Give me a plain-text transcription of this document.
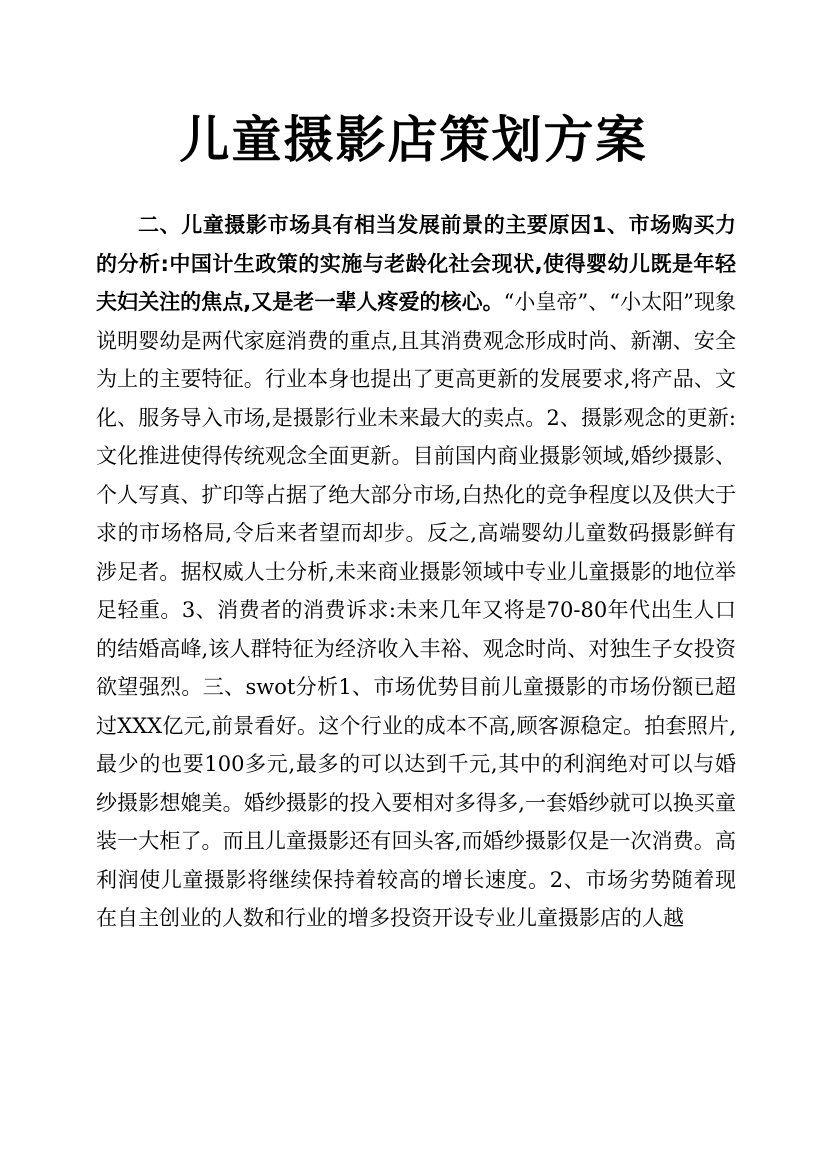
儿童摄影店策划方案

二、儿童摄影市场具有相当发展前景的主要原因1、市场购买力的分析:中国计生政策的实施与老龄化社会现状,使得婴幼儿既是年轻夫妇关注的焦点,又是老一辈人疼爱的核心。“小皇帝”、“小太阳”现象说明婴幼是两代家庭消费的重点,且其消费观念形成时尚、新潮、安全为上的主要特征。行业本身也提出了更高更新的发展要求,将产品、文化、服务导入市场,是摄影行业未来最大的卖点。2、摄影观念的更新:文化推进使得传统观念全面更新。目前国内商业摄影领域,婚纱摄影、个人写真、扩印等占据了绝大部分市场,白热化的竞争程度以及供大于求的市场格局,令后来者望而却步。反之,高端婴幼儿童数码摄影鲜有涉足者。据权威人士分析,未来商业摄影领域中专业儿童摄影的地位举足轻重。3、消费者的消费诉求:未来几年又将是70-80年代出生人口的结婚高峰,该人群特征为经济收入丰裕、观念时尚、对独生子女投资欲望强烈。三、swot分析1、市场优势目前儿童摄影的市场份额已超过XXX亿元,前景看好。这个行业的成本不高,顾客源稳定。拍套照片,最少的也要100多元,最多的可以达到千元,其中的利润绝对可以与婚纱摄影想媲美。婚纱摄影的投入要相对多得多,一套婚纱就可以换买童装一大柜了。而且儿童摄影还有回头客,而婚纱摄影仅是一次消费。高利润使儿童摄影将继续保持着较高的增长速度。2、市场劣势随着现在自主创业的人数和行业的增多投资开设专业儿童摄影店的人越
